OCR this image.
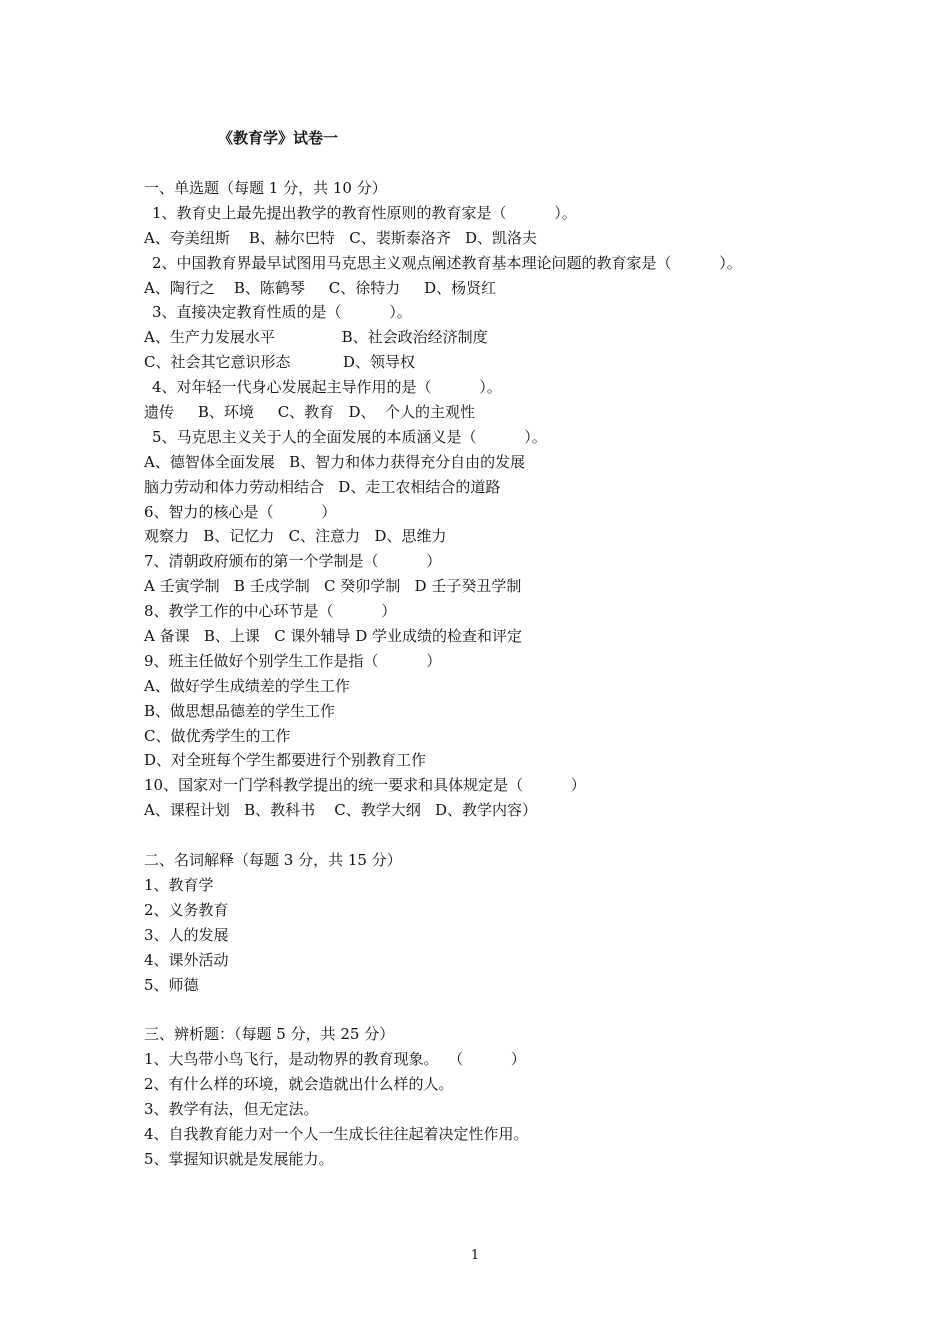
《教育学》试卷一
一、单选题（每题 1 分，共 10 分）
1、教育史上最先提出教学的教育性原则的教育家是（          ）。
A、夸美纽斯    B、赫尔巴特   C、裴斯泰洛齐   D、凯洛夫
2、中国教育界最早试图用马克思主义观点阐述教育基本理论问题的教育家是（          ）。
A、陶行之    B、陈鹤琴     C、徐特力     D、杨贤红
3、直接决定教育性质的是（          ）。
A、生产力发展水平              B、社会政治经济制度
C、社会其它意识形态           D、领导权
4、对年轻一代身心发展起主导作用的是（          ）。
遗传     B、环境     C、教育   D、  个人的主观性
5、马克思主义关于人的全面发展的本质涵义是（          ）。
A、德智体全面发展   B、智力和体力获得充分自由的发展
脑力劳动和体力劳动相结合   D、走工农相结合的道路
6、智力的核心是（          ）
观察力   B、记忆力   C、注意力   D、思维力
7、清朝政府颁布的第一个学制是（          ）
A 壬寅学制   B 壬戌学制   C 癸卯学制   D 壬子癸丑学制
8、教学工作的中心环节是（          ）
A 备课   B、上课   C 课外辅导 D 学业成绩的检查和评定
9、班主任做好个别学生工作是指（          ）
A、做好学生成绩差的学生工作
B、做思想品德差的学生工作
C、做优秀学生的工作
D、对全班每个学生都要进行个别教育工作
10、国家对一门学科教学提出的统一要求和具体规定是（          ）
A、课程计划   B、教科书    C、教学大纲   D、教学内容）
二、名词解释（每题 3 分，共 15 分）
1、教育学
2、义务教育
3、人的发展
4、课外活动
5、师德
三、辨析题：（每题 5 分，共 25 分）
1、大鸟带小鸟飞行，是动物界的教育现象。  （          ）
2、有什么样的环境，就会造就出什么样的人。
3、教学有法，但无定法。
4、自我教育能力对一个人一生成长往往起着决定性作用。
5、掌握知识就是发展能力。
1
